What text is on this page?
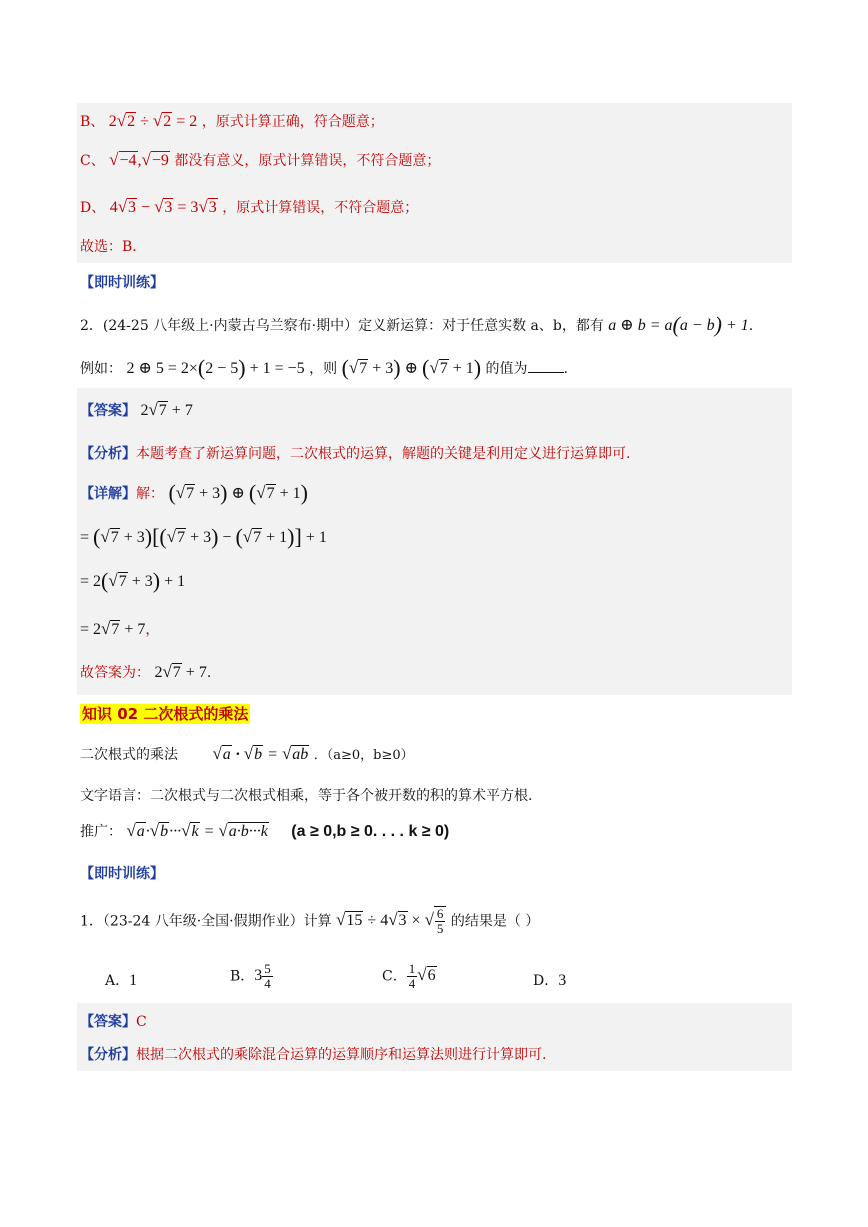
B、 2√2 ÷ √2 = 2 ，原式计算正确，符合题意；
C、 √−4,√−9 都没有意义，原式计算错误，不符合题意；
D、 4√3 − √3 = 3√3 ，原式计算错误，不符合题意；
故选：B．
【即时训练】
2．(24-25 八年级上·内蒙古乌兰察布·期中）定义新运算：对于任意实数 a、b，都有 a ⊕ b = a(a − b) + 1.
例如： 2 ⊕ 5 = 2×(2 − 5) + 1 = −5 ，则 (√7 + 3) ⊕ (√7 + 1) 的值为	.
【答案】 2√7 + 7
【分析】本题考查了新运算问题，二次根式的运算，解题的关键是利用定义进行运算即可.
【详解】解： (√7 + 3) ⊕ (√7 + 1)
= (√7 + 3)[(√7 + 3) − (√7 + 1)] + 1
= 2(√7 + 3) + 1
= 2√7 + 7，
故答案为： 2√7 + 7.
知识 02 二次根式的乘法
二次根式的乘法 √a · √b = √ab ．（a≥0，b≥0）
文字语言：二次根式与二次根式相乘，等于各个被开数的积的算术平方根.
推广： √a·√b···√k = √a·b···k (a ≥ 0,b ≥ 0. . . . k ≥ 0)
【即时训练】
1．（23-24 八年级·全国·假期作业）计算 √15 ÷ 4√3 × √ $\frac{6}{5}$ 的结果是（ ）
A．1	B．$3 \frac{5}{4}$	C． $\frac{1}{4} √6$	D．3
【答案】C
【分析】根据二次根式的乘除混合运算的运算顺序和运算法则进行计算即可.
